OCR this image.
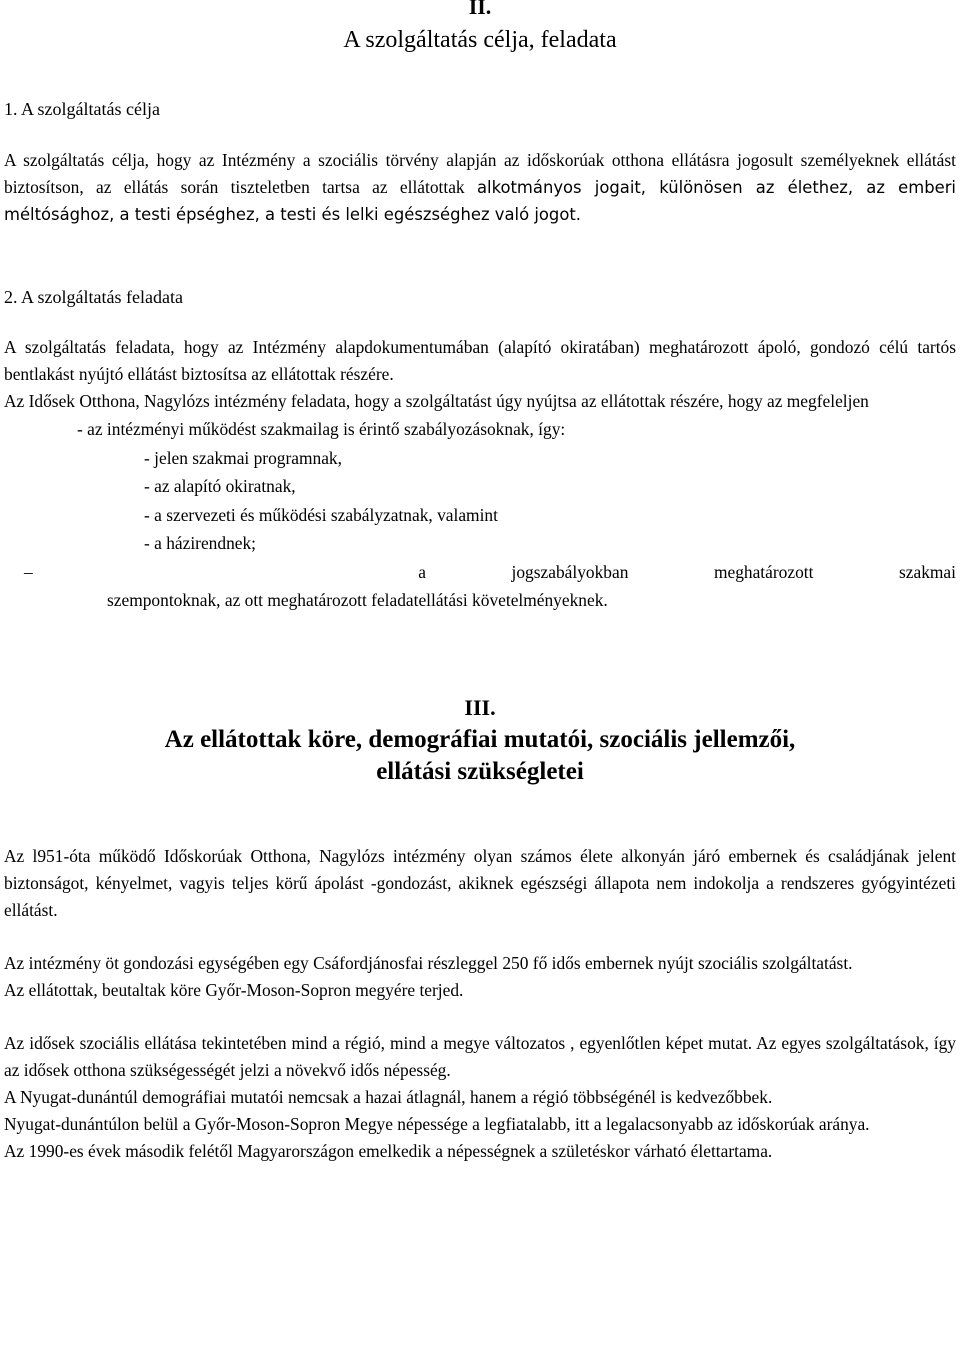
II.

A szolgáltatás célja, feladata

1. A szolgáltatás célja

A szolgáltatás célja, hogy az Intézmény a szociális törvény alapján az időskorúak otthona ellátásra jogosult személyeknek ellátást biztosítson, az ellátás során tiszteletben tartsa az ellátottak alkotmányos jogait, különösen az élethez, az emberi méltósághoz, a testi épséghez, a testi és lelki egészséghez való jogot.

2. A szolgáltatás feladata

A szolgáltatás feladata, hogy az Intézmény alapdokumentumában (alapító okiratában) meghatározott ápoló, gondozó célú tartós bentlakást nyújtó ellátást biztosítsa az ellátottak részére.

Az Idősek Otthona, Nagylózs intézmény feladata, hogy a szolgáltatást úgy nyújtsa az ellátottak részére, hogy az megfeleljen

- az intézményi működést szakmailag is érintő szabályozásoknak, így:

- jelen szakmai programnak,

- az alapító okiratnak,

- a szervezeti és működési szabályzatnak, valamint

- a házirendnek;

–	a	jogszabályokban	meghatározott	szakmai

szempontoknak, az ott meghatározott feladatellátási követelményeknek.

III.

Az ellátottak köre, demográfiai mutatói, szociális jellemzői,

ellátási szükségletei

Az l951-óta működő Időskorúak Otthona, Nagylózs intézmény olyan számos élete alkonyán járó embernek és családjának jelent biztonságot, kényelmet, vagyis teljes körű ápolást -gondozást, akiknek egészségi állapota nem indokolja a rendszeres gyógyintézeti ellátást.

Az intézmény öt gondozási egységében egy Csáfordjánosfai részleggel 250 fő idős embernek nyújt szociális szolgáltatást.

Az ellátottak, beutaltak köre Győr-Moson-Sopron megyére terjed.

Az idősek szociális ellátása tekintetében mind a régió, mind a megye változatos , egyenlőtlen képet mutat. Az egyes szolgáltatások, így az idősek otthona szükségességét jelzi a növekvő idős népesség.

A Nyugat-dunántúl demográfiai mutatói nemcsak a hazai átlagnál, hanem a régió többségénél is kedvezőbbek.

Nyugat-dunántúlon belül a Győr-Moson-Sopron Megye népessége a legfiatalabb, itt a legalacsonyabb az időskorúak aránya.

Az 1990-es évek második felétől Magyarországon emelkedik a népességnek a születéskor várható élettartama.
